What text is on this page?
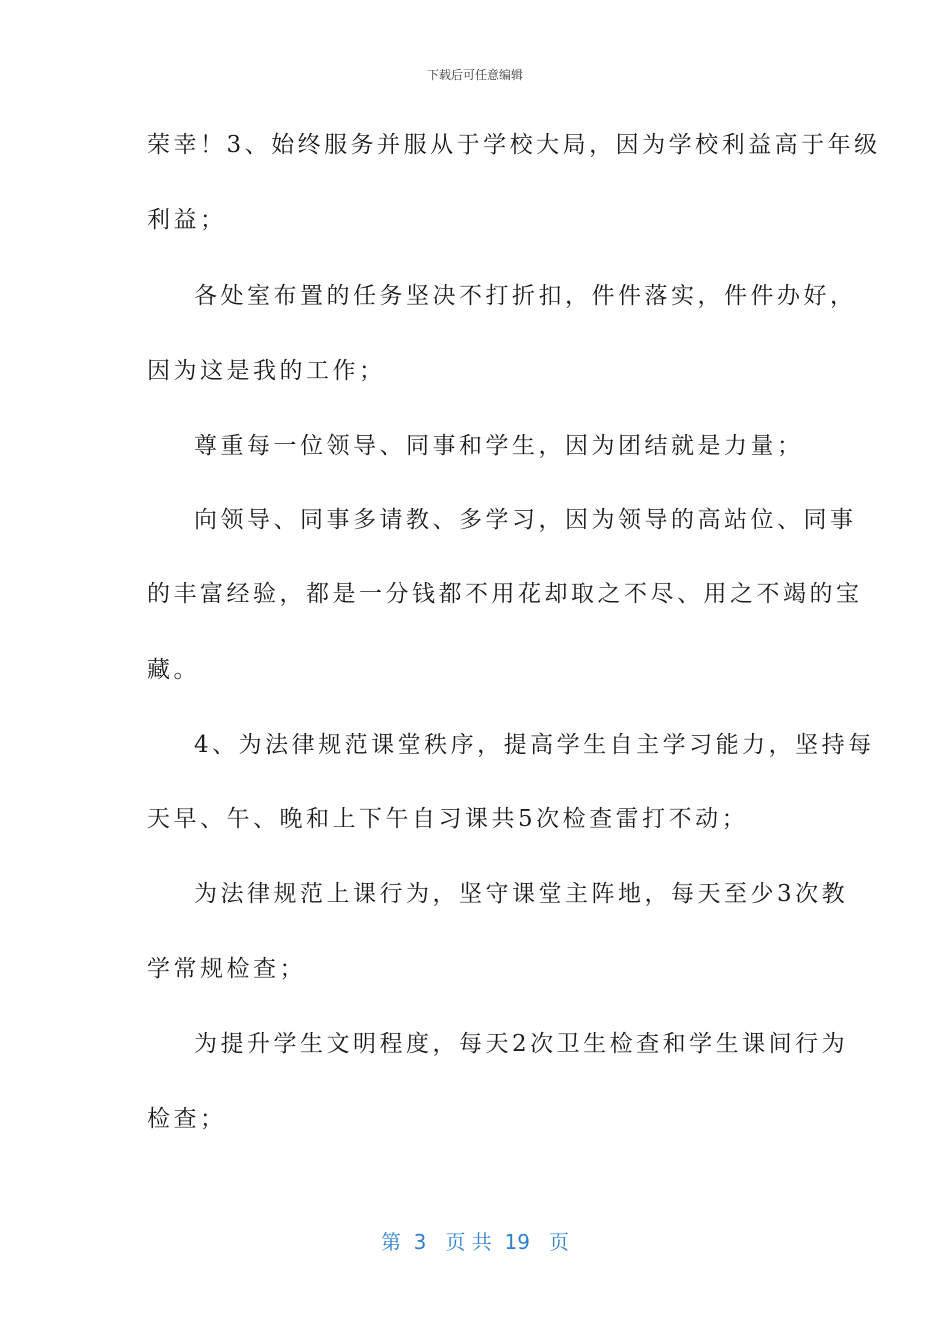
下载后可任意编辑
荣幸！3、始终服务并服从于学校大局，因为学校利益高于年级
利益；
各处室布置的任务坚决不打折扣，件件落实，件件办好，
因为这是我的工作；
尊重每一位领导、同事和学生，因为团结就是力量；
向领导、同事多请教、多学习，因为领导的高站位、同事
的丰富经验，都是一分钱都不用花却取之不尽、用之不竭的宝
藏。
4、为法律规范课堂秩序，提高学生自主学习能力，坚持每
天早、午、晚和上下午自习课共5次检查雷打不动；
为法律规范上课行为，坚守课堂主阵地，每天至少3次教
学常规检查；
为提升学生文明程度，每天2次卫生检查和学生课间行为
检查；
第  3   页 共  19   页
